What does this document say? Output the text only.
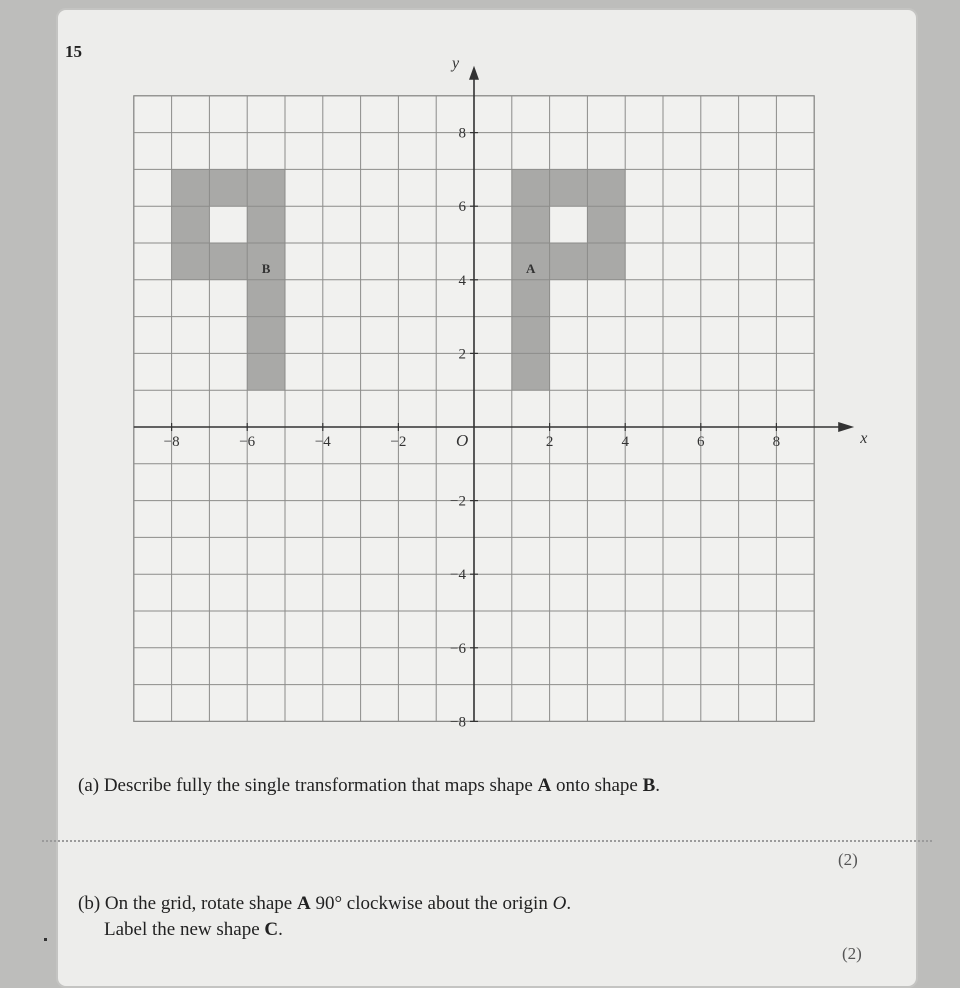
15
x
y
O
−8	−6	−4	−2	2	4	6	8
8
6
4
2
−2
−4
−6
−8
A
B
(a) Describe fully the single transformation that maps shape A onto shape B.
(2)
(b) On the grid, rotate shape A 90° clockwise about the origin O.
Label the new shape C.
(2)
